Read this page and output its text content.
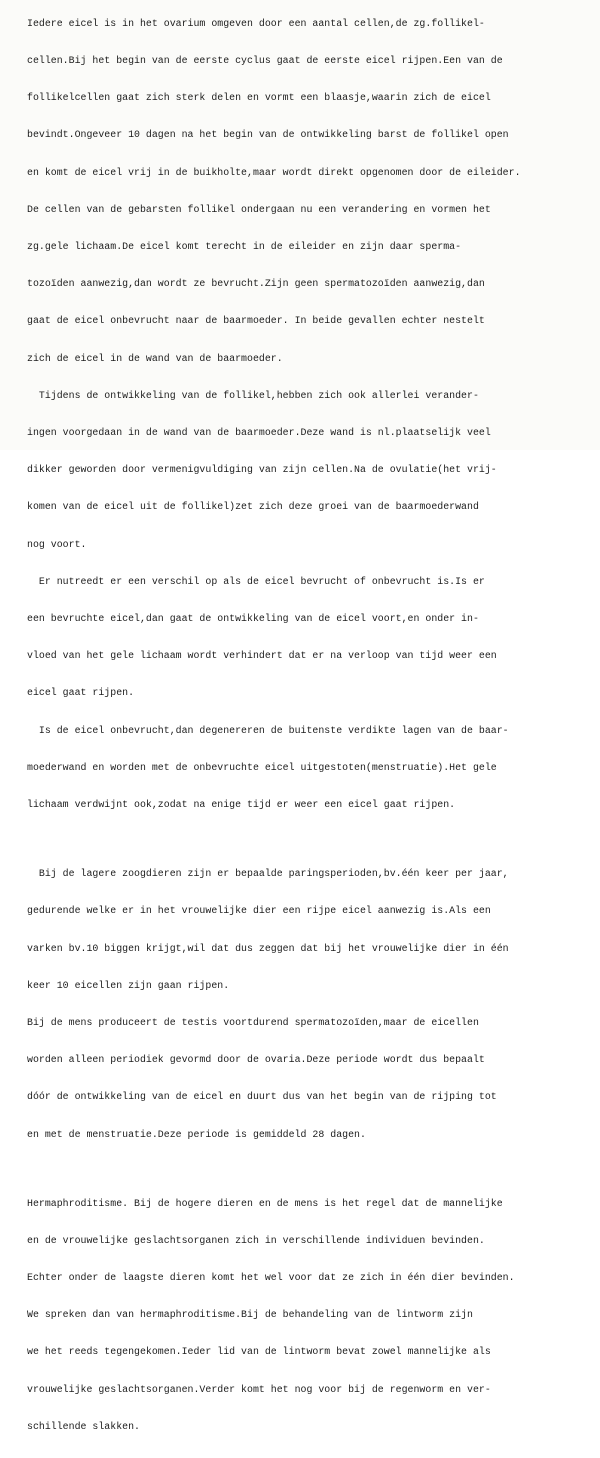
Iedere eicel is in het ovarium omgeven door een aantal cellen,de zg.follikel-

cellen.Bij het begin van de eerste cyclus gaat de eerste eicel rijpen.Een van de

follikelcellen gaat zich sterk delen en vormt een blaasje,waarin zich de eicel

bevindt.Ongeveer 10 dagen na het begin van de ontwikkeling barst de follikel open

en komt de eicel vrij in de buikholte,maar wordt direkt opgenomen door de eileider.

De cellen van de gebarsten follikel ondergaan nu een verandering en vormen het

zg.gele lichaam.De eicel komt terecht in de eileider en zijn daar sperma-

tozoïden aanwezig,dan wordt ze bevrucht.Zijn geen spermatozoïden aanwezig,dan

gaat de eicel onbevrucht naar de baarmoeder. In beide gevallen echter nestelt

zich de eicel in de wand van de baarmoeder.

Tijdens de ontwikkeling van de follikel,hebben zich ook allerlei verander-

ingen voorgedaan in de wand van de baarmoeder.Deze wand is nl.plaatselijk veel

dikker geworden door vermenigvuldiging van zijn cellen.Na de ovulatie(het vrij-

komen van de eicel uit de follikel)zet zich deze groei van de baarmoederwand

nog voort.

Er nutreedt er een verschil op als de eicel bevrucht of onbevrucht is.Is er

een bevruchte eicel,dan gaat de ontwikkeling van de eicel voort,en onder in-

vloed van het gele lichaam wordt verhindert dat er na verloop van tijd weer een

eicel gaat rijpen.

Is de eicel onbevrucht,dan degenereren de buitenste verdikte lagen van de baar-

moederwand en worden met de onbevruchte eicel uitgestoten(menstruatie).Het gele

lichaam verdwijnt ook,zodat na enige tijd er weer een eicel gaat rijpen.

Bij de lagere zoogdieren zijn er bepaalde paringsperioden,bv.één keer per jaar,

gedurende welke er in het vrouwelijke dier een rijpe eicel aanwezig is.Als een

varken bv.10 biggen krijgt,wil dat dus zeggen dat bij het vrouwelijke dier in één

keer 10 eicellen zijn gaan rijpen.

Bij de mens produceert de testis voortdurend spermatozoïden,maar de eicellen

worden alleen periodiek gevormd door de ovaria.Deze periode wordt dus bepaalt

dóór de ontwikkeling van de eicel en duurt dus van het begin van de rijping tot

en met de menstruatie.Deze periode is gemiddeld 28 dagen.

Hermaphroditisme. Bij de hogere dieren en de mens is het regel dat de mannelijke

en de vrouwelijke geslachtsorganen zich in verschillende individuen bevinden.

Echter onder de laagste dieren komt het wel voor dat ze zich in één dier bevinden.

We spreken dan van hermaphroditisme.Bij de behandeling van de lintworm zijn

we het reeds tegengekomen.Ieder lid van de lintworm bevat zowel mannelijke als

vrouwelijke geslachtsorganen.Verder komt het nog voor bij de regenworm en ver-

schillende slakken.
